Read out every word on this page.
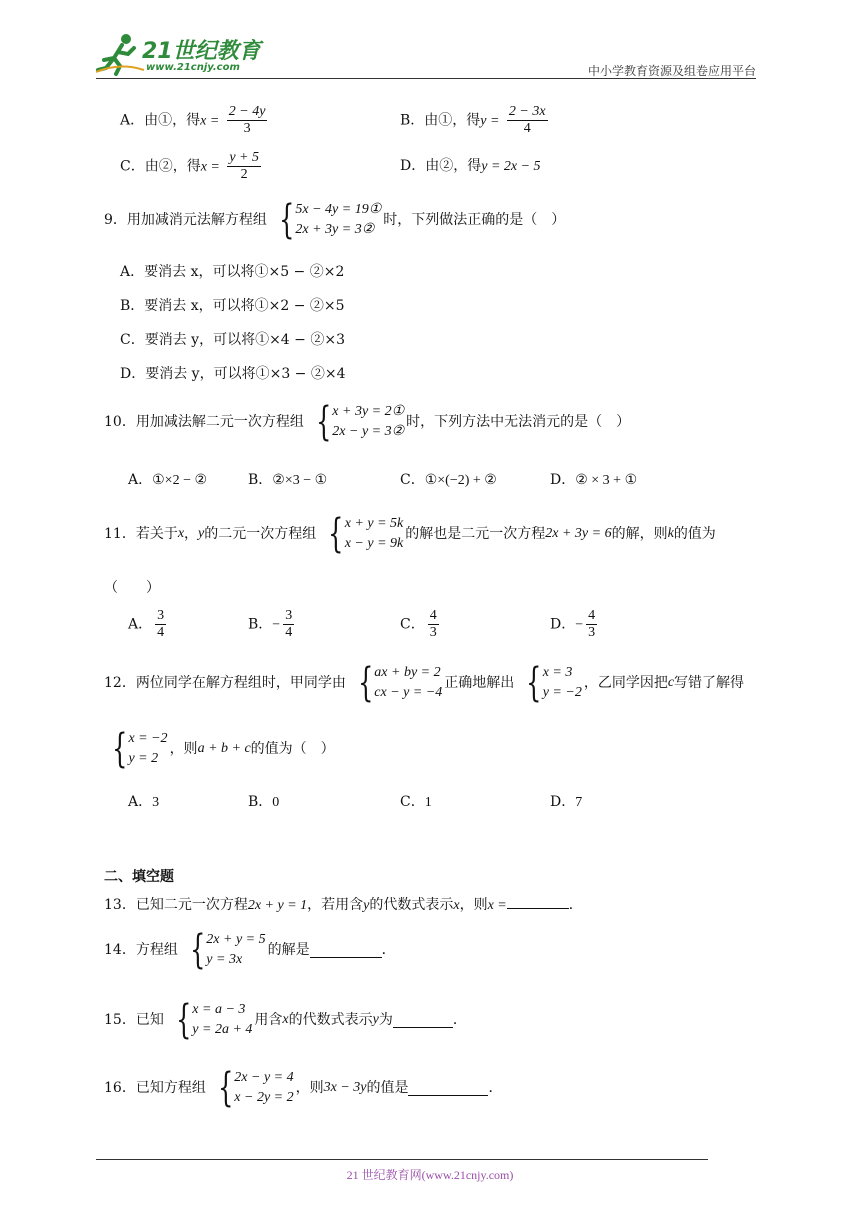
21世纪教育
www.21cnjy.com	中小学教育资源及组卷应用平台
A．由①，得$x = \frac{2 - 4y}{3}$	B．由①，得$y = \frac{2 - 3x}{4}$
C．由②，得$x = \frac{y + 5}{2}$	D．由②，得y = 2x − 5
9． 用加减消元法解方程组 { 5x − 4y = 19①
2x + 3y = 3②
时，下列做法正确的是（　）
A．要消去 x，可以将①×5 − ②×2
B．要消去 x，可以将①×2 − ②×5
C．要消去 y，可以将①×4 − ②×3
D．要消去 y，可以将①×3 − ②×4
10． 用加减法解二元一次方程组 { x + 3y = 2①
2x − y = 3②
时，下列方法中无法消元的是（　）
A．①×2 − ②	B．②×3 − ①	C．①×(−2) + ②	D．② × 3 + ①
11． 若关于 x ， y 的二元一次方程组 { x + y = 5k
x − y = 9k
的解也是二元一次方程 2x + 3y = 6 的解，则 k 的值为
（　　）
A． $\frac{3}{4}$	B．− $\frac{3}{4}$	C． $\frac{4}{3}$	D．− $\frac{4}{3}$
12． 两位同学在解方程组时，甲同学由 { ax + by = 2
cx − y = −4
正确地解出 { x = 3
y = −2
，乙同学因把 c 写错了解得
{ x = −2
y = 2
，则 a + b + c 的值为（　）
A．3	B．0	C．1	D．7
二、填空题
13．已知二元一次方程2x + y = 1，若用含y的代数式表示x，则x =	．
14． 方程组 { 2x + y = 5
y = 3x
的解是	．
15． 已知 { x = a − 3
y = 2a + 4
用含 x 的代数式表示 y 为	．
16． 已知方程组 { 2x − y = 4
x − 2y = 2
，则 3x − 3y 的值是	．
21 世纪教育网(www.21cnjy.com)
